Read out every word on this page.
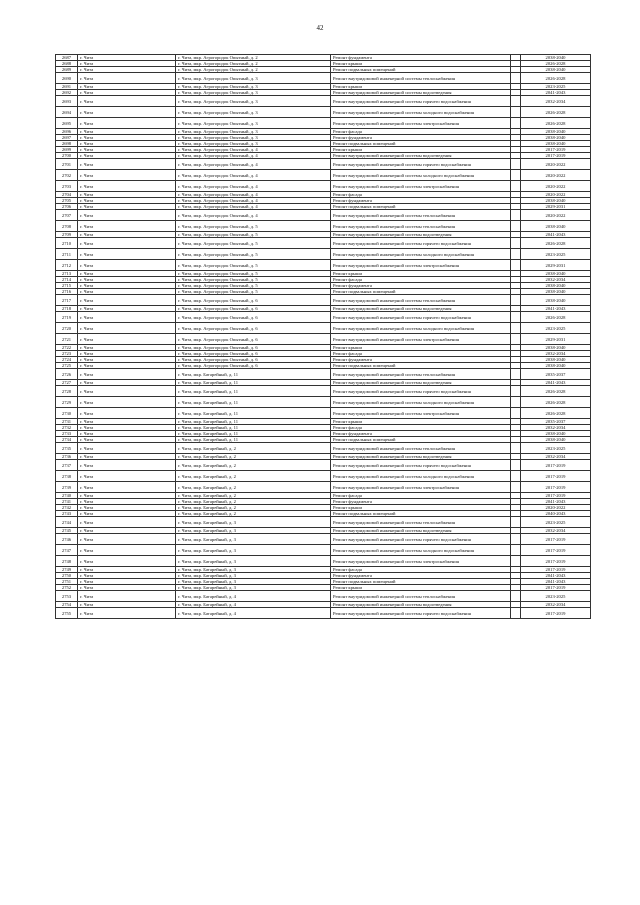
42
2687	г. Чита	г. Чита, мкр. Агрогородок Опытный, д. 2	Ремонт фундамента		2038-2040
2688	г. Чита	г. Чита, мкр. Агрогородок Опытный, д. 2	Ремонт крыши		2026-2028
2689	г. Чита	г. Чита, мкр. Агрогородок Опытный, д. 2	Ремонт подвальных помещений		2038-2040
2690	г. Чита	г. Чита, мкр. Агрогородок Опытный, д. 3	Ремонт внутридомовой инженерной системы теплоснабжения		2026-2028
2691	г. Чита	г. Чита, мкр. Агрогородок Опытный, д. 3	Ремонт крыши		2023-2025
2692	г. Чита	г. Чита, мкр. Агрогородок Опытный, д. 3	Ремонт внутридомовой инженерной системы водоотведения		2041-2043
2693	г. Чита	г. Чита, мкр. Агрогородок Опытный, д. 3	Ремонт внутридомовой инженерной системы горячего водоснабжения		2032-2034
2694	г. Чита	г. Чита, мкр. Агрогородок Опытный, д. 3	Ремонт внутридомовой инженерной системы холодного водоснабжения		2026-2028
2695	г. Чита	г. Чита, мкр. Агрогородок Опытный, д. 3	Ремонт внутридомовой инженерной системы электроснабжения		2026-2028
2696	г. Чита	г. Чита, мкр. Агрогородок Опытный, д. 3	Ремонт фасада		2038-2040
2697	г. Чита	г. Чита, мкр. Агрогородок Опытный, д. 3	Ремонт фундамента		2038-2040
2698	г. Чита	г. Чита, мкр. Агрогородок Опытный, д. 3	Ремонт подвальных помещений		2038-2040
2699	г. Чита	г. Чита, мкр. Агрогородок Опытный, д. 4	Ремонт крыши		2017-2019
2700	г. Чита	г. Чита, мкр. Агрогородок Опытный, д. 4	Ремонт внутридомовой инженерной системы водоотведения		2017-2019
2701	г. Чита	г. Чита, мкр. Агрогородок Опытный, д. 4	Ремонт внутридомовой инженерной системы горячего водоснабжения		2020-2022
2702	г. Чита	г. Чита, мкр. Агрогородок Опытный, д. 4	Ремонт внутридомовой инженерной системы холодного водоснабжения		2020-2022
2703	г. Чита	г. Чита, мкр. Агрогородок Опытный, д. 4	Ремонт внутридомовой инженерной системы электроснабжения		2020-2022
2704	г. Чита	г. Чита, мкр. Агрогородок Опытный, д. 4	Ремонт фасада		2020-2022
2705	г. Чита	г. Чита, мкр. Агрогородок Опытный, д. 4	Ремонт фундамента		2038-2040
2706	г. Чита	г. Чита, мкр. Агрогородок Опытный, д. 4	Ремонт подвальных помещений		2029-2031
2707	г. Чита	г. Чита, мкр. Агрогородок Опытный, д. 4	Ремонт внутридомовой инженерной системы теплоснабжения		2020-2022
2708	г. Чита	г. Чита, мкр. Агрогородок Опытный, д. 5	Ремонт внутридомовой инженерной системы теплоснабжения		2038-2040
2709	г. Чита	г. Чита, мкр. Агрогородок Опытный, д. 5	Ремонт внутридомовой инженерной системы водоотведения		2041-2043
2710	г. Чита	г. Чита, мкр. Агрогородок Опытный, д. 5	Ремонт внутридомовой инженерной системы горячего водоснабжения		2026-2028
2711	г. Чита	г. Чита, мкр. Агрогородок Опытный, д. 5	Ремонт внутридомовой инженерной системы холодного водоснабжения		2023-2025
2712	г. Чита	г. Чита, мкр. Агрогородок Опытный, д. 5	Ремонт внутридомовой инженерной системы электроснабжения		2029-2031
2713	г. Чита	г. Чита, мкр. Агрогородок Опытный, д. 5	Ремонт крыши		2038-2040
2714	г. Чита	г. Чита, мкр. Агрогородок Опытный, д. 5	Ремонт фасада		2032-2034
2715	г. Чита	г. Чита, мкр. Агрогородок Опытный, д. 5	Ремонт фундамента		2038-2040
2716	г. Чита	г. Чита, мкр. Агрогородок Опытный, д. 5	Ремонт подвальных помещений		2038-2040
2717	г. Чита	г. Чита, мкр. Агрогородок Опытный, д. 6	Ремонт внутридомовой инженерной системы теплоснабжения		2038-2040
2718	г. Чита	г. Чита, мкр. Агрогородок Опытный, д. 6	Ремонт внутридомовой инженерной системы водоотведения		2041-2043
2719	г. Чита	г. Чита, мкр. Агрогородок Опытный, д. 6	Ремонт внутридомовой инженерной системы горячего водоснабжения		2026-2028
2720	г. Чита	г. Чита, мкр. Агрогородок Опытный, д. 6	Ремонт внутридомовой инженерной системы холодного водоснабжения		2023-2025
2721	г. Чита	г. Чита, мкр. Агрогородок Опытный, д. 6	Ремонт внутридомовой инженерной системы электроснабжения		2029-2031
2722	г. Чита	г. Чита, мкр. Агрогородок Опытный, д. 6	Ремонт крыши		2038-2040
2723	г. Чита	г. Чита, мкр. Агрогородок Опытный, д. 6	Ремонт фасада		2032-2034
2724	г. Чита	г. Чита, мкр. Агрогородок Опытный, д. 6	Ремонт фундамента		2038-2040
2725	г. Чита	г. Чита, мкр. Агрогородок Опытный, д. 6	Ремонт подвальных помещений		2038-2040
2726	г. Чита	г. Чита, мкр. Батарейный, д. 11	Ремонт внутридомовой инженерной системы теплоснабжения		2035-2037
2727	г. Чита	г. Чита, мкр. Батарейный, д. 11	Ремонт внутридомовой инженерной системы водоотведения		2041-2043
2728	г. Чита	г. Чита, мкр. Батарейный, д. 11	Ремонт внутридомовой инженерной системы горячего водоснабжения		2026-2028
2729	г. Чита	г. Чита, мкр. Батарейный, д. 11	Ремонт внутридомовой инженерной системы холодного водоснабжения		2026-2028
2730	г. Чита	г. Чита, мкр. Батарейный, д. 11	Ремонт внутридомовой инженерной системы электроснабжения		2026-2028
2731	г. Чита	г. Чита, мкр. Батарейный, д. 11	Ремонт крыши		2035-2037
2732	г. Чита	г. Чита, мкр. Батарейный, д. 11	Ремонт фасада		2032-2034
2733	г. Чита	г. Чита, мкр. Батарейный, д. 11	Ремонт фундамента		2038-2040
2734	г. Чита	г. Чита, мкр. Батарейный, д. 11	Ремонт подвальных помещений		2038-2040
2735	г. Чита	г. Чита, мкр. Батарейный, д. 2	Ремонт внутридомовой инженерной системы теплоснабжения		2023-2025
2736	г. Чита	г. Чита, мкр. Батарейный, д. 2	Ремонт внутридомовой инженерной системы водоотведения		2032-2034
2737	г. Чита	г. Чита, мкр. Батарейный, д. 2	Ремонт внутридомовой инженерной системы горячего водоснабжения		2017-2019
2738	г. Чита	г. Чита, мкр. Батарейный, д. 2	Ремонт внутридомовой инженерной системы холодного водоснабжения		2017-2019
2739	г. Чита	г. Чита, мкр. Батарейный, д. 2	Ремонт внутридомовой инженерной системы электроснабжения		2017-2019
2740	г. Чита	г. Чита, мкр. Батарейный, д. 2	Ремонт фасада		2017-2019
2741	г. Чита	г. Чита, мкр. Батарейный, д. 2	Ремонт фундамента		2041-2043
2742	г. Чита	г. Чита, мкр. Батарейный, д. 2	Ремонт крыши		2020-2022
2743	г. Чита	г. Чита, мкр. Батарейный, д. 2	Ремонт подвальных помещений		2040-2043
2744	г. Чита	г. Чита, мкр. Батарейный, д. 3	Ремонт внутридомовой инженерной системы теплоснабжения		2023-2025
2745	г. Чита	г. Чита, мкр. Батарейный, д. 3	Ремонт внутридомовой инженерной системы водоотведения		2032-2034
2746	г. Чита	г. Чита, мкр. Батарейный, д. 3	Ремонт внутридомовой инженерной системы горячего водоснабжения		2017-2019
2747	г. Чита	г. Чита, мкр. Батарейный, д. 3	Ремонт внутридомовой инженерной системы холодного водоснабжения		2017-2019
2748	г. Чита	г. Чита, мкр. Батарейный, д. 3	Ремонт внутридомовой инженерной системы электроснабжения		2017-2019
2749	г. Чита	г. Чита, мкр. Батарейный, д. 3	Ремонт фасада		2017-2019
2750	г. Чита	г. Чита, мкр. Батарейный, д. 3	Ремонт фундамента		2041-2043
2751	г. Чита	г. Чита, мкр. Батарейный, д. 3	Ремонт подвальных помещений		2041-2043
2752	г. Чита	г. Чита, мкр. Батарейный, д. 3	Ремонт крыши		2017-2019
2753	г. Чита	г. Чита, мкр. Батарейный, д. 4	Ремонт внутридомовой инженерной системы теплоснабжения		2023-2025
2754	г. Чита	г. Чита, мкр. Батарейный, д. 4	Ремонт внутридомовой инженерной системы водоотведения		2032-2034
2755	г. Чита	г. Чита, мкр. Батарейный, д. 4	Ремонт внутридомовой инженерной системы горячего водоснабжения		2017-2019
